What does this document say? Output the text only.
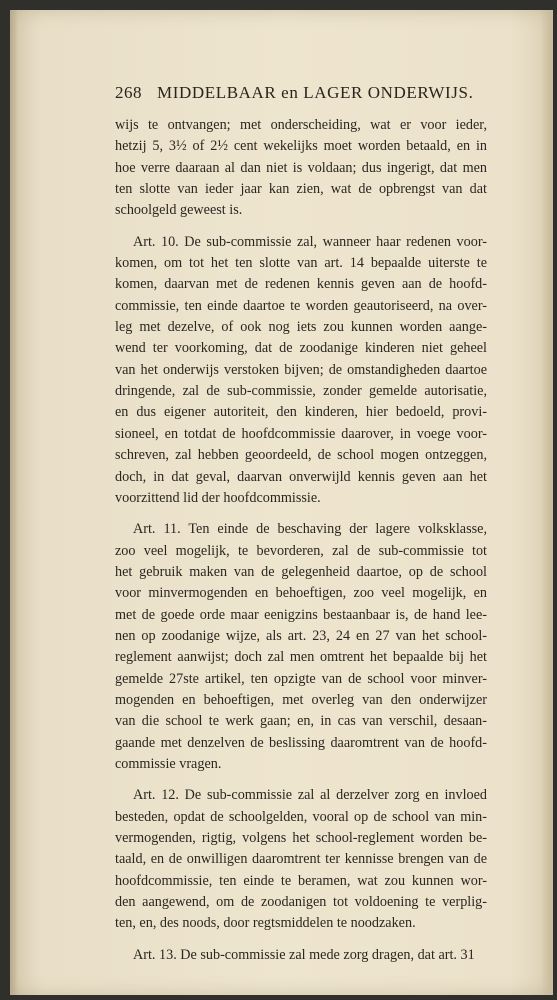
268 MIDDELBAAR en LAGER ONDERWIJS.
wijs te ontvangen; met onderscheiding, wat er voor ieder,
hetzij 5, 3½ of 2½ cent wekelijks moet worden betaald, en in
hoe verre daaraan al dan niet is voldaan; dus ingerigt, dat men
ten slotte van ieder jaar kan zien, wat de opbrengst van dat
schoolgeld geweest is.
Art. 10. De sub-commissie zal, wanneer haar redenen voor-
komen, om tot het ten slotte van art. 14 bepaalde uiterste te
komen, daarvan met de redenen kennis geven aan de hoofd-
commissie, ten einde daartoe te worden geautoriseerd, na over-
leg met dezelve, of ook nog iets zou kunnen worden aange-
wend ter voorkoming, dat de zoodanige kinderen niet geheel
van het onderwijs verstoken bijven; de omstandigheden daartoe
dringende, zal de sub-commissie, zonder gemelde autorisatie,
en dus eigener autoriteit, den kinderen, hier bedoeld, provi-
sioneel, en totdat de hoofdcommissie daarover, in voege voor-
schreven, zal hebben geoordeeld, de school mogen ontzeggen,
doch, in dat geval, daarvan onverwijld kennis geven aan het
voorzittend lid der hoofdcommissie.
Art. 11. Ten einde de beschaving der lagere volksklasse,
zoo veel mogelijk, te bevorderen, zal de sub-commissie tot
het gebruik maken van de gelegenheid daartoe, op de school
voor minvermogenden en behoeftigen, zoo veel mogelijk, en
met de goede orde maar eenigzins bestaanbaar is, de hand lee-
nen op zoodanige wijze, als art. 23, 24 en 27 van het school-
reglement aanwijst; doch zal men omtrent het bepaalde bij het
gemelde 27ste artikel, ten opzigte van de school voor minver-
mogenden en behoeftigen, met overleg van den onderwijzer
van die school te werk gaan; en, in cas van verschil, desaan-
gaande met denzelven de beslissing daaromtrent van de hoofd-
commissie vragen.
Art. 12. De sub-commissie zal al derzelver zorg en invloed
besteden, opdat de schoolgelden, vooral op de school van min-
vermogenden, rigtig, volgens het school-reglement worden be-
taald, en de onwilligen daaromtrent ter kennisse brengen van de
hoofdcommissie, ten einde te beramen, wat zou kunnen wor-
den aangewend, om de zoodanigen tot voldoening te verplig-
ten, en, des noods, door regtsmiddelen te noodzaken.
Art. 13. De sub-commissie zal mede zorg dragen, dat art. 31
